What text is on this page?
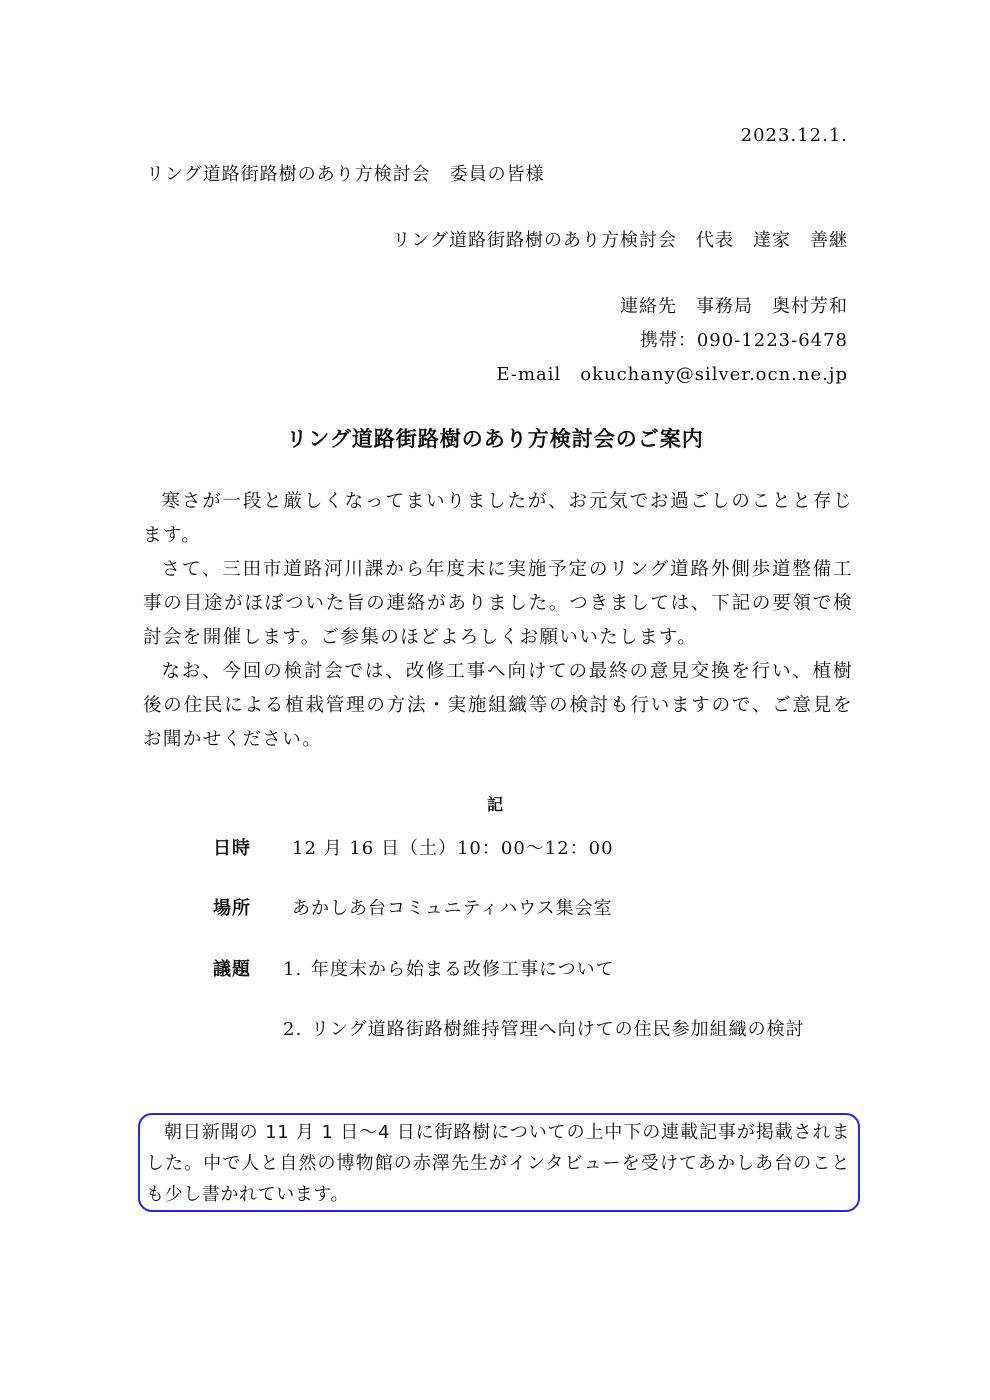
2023.12.1.
リング道路街路樹のあり方検討会　委員の皆様
リング道路街路樹のあり方検討会　代表　達家　善継
連絡先　事務局　奥村芳和
携帯：090-1223-6478
E-mail　okuchany@silver.ocn.ne.jp
リング道路街路樹のあり方検討会のご案内

寒さが一段と厳しくなってまいりましたが、お元気でお過ごしのことと存じます。

さて、三田市道路河川課から年度末に実施予定のリング道路外側歩道整備工事の目途がほぼついた旨の連絡がありました。つきましては、下記の要領で検討会を開催します。ご参集のほどよろしくお願いいたします。

なお、今回の検討会では、改修工事へ向けての最終の意見交換を行い、植樹後の住民による植栽管理の方法・実施組織等の検討も行いますので、ご意見をお聞かせください。

記
日時 12 月 16 日（土）10：00～12：00
場所 あかしあ台コミュニティハウス集会室
議題 1. 年度末から始まる改修工事について
2. リング道路街路樹維持管理へ向けての住民参加組織の検討
朝日新聞の 11 月 1 日～4 日に街路樹についての上中下の連載記事が掲載されました。中で人と自然の博物館の赤澤先生がインタビューを受けてあかしあ台のことも少し書かれています。
